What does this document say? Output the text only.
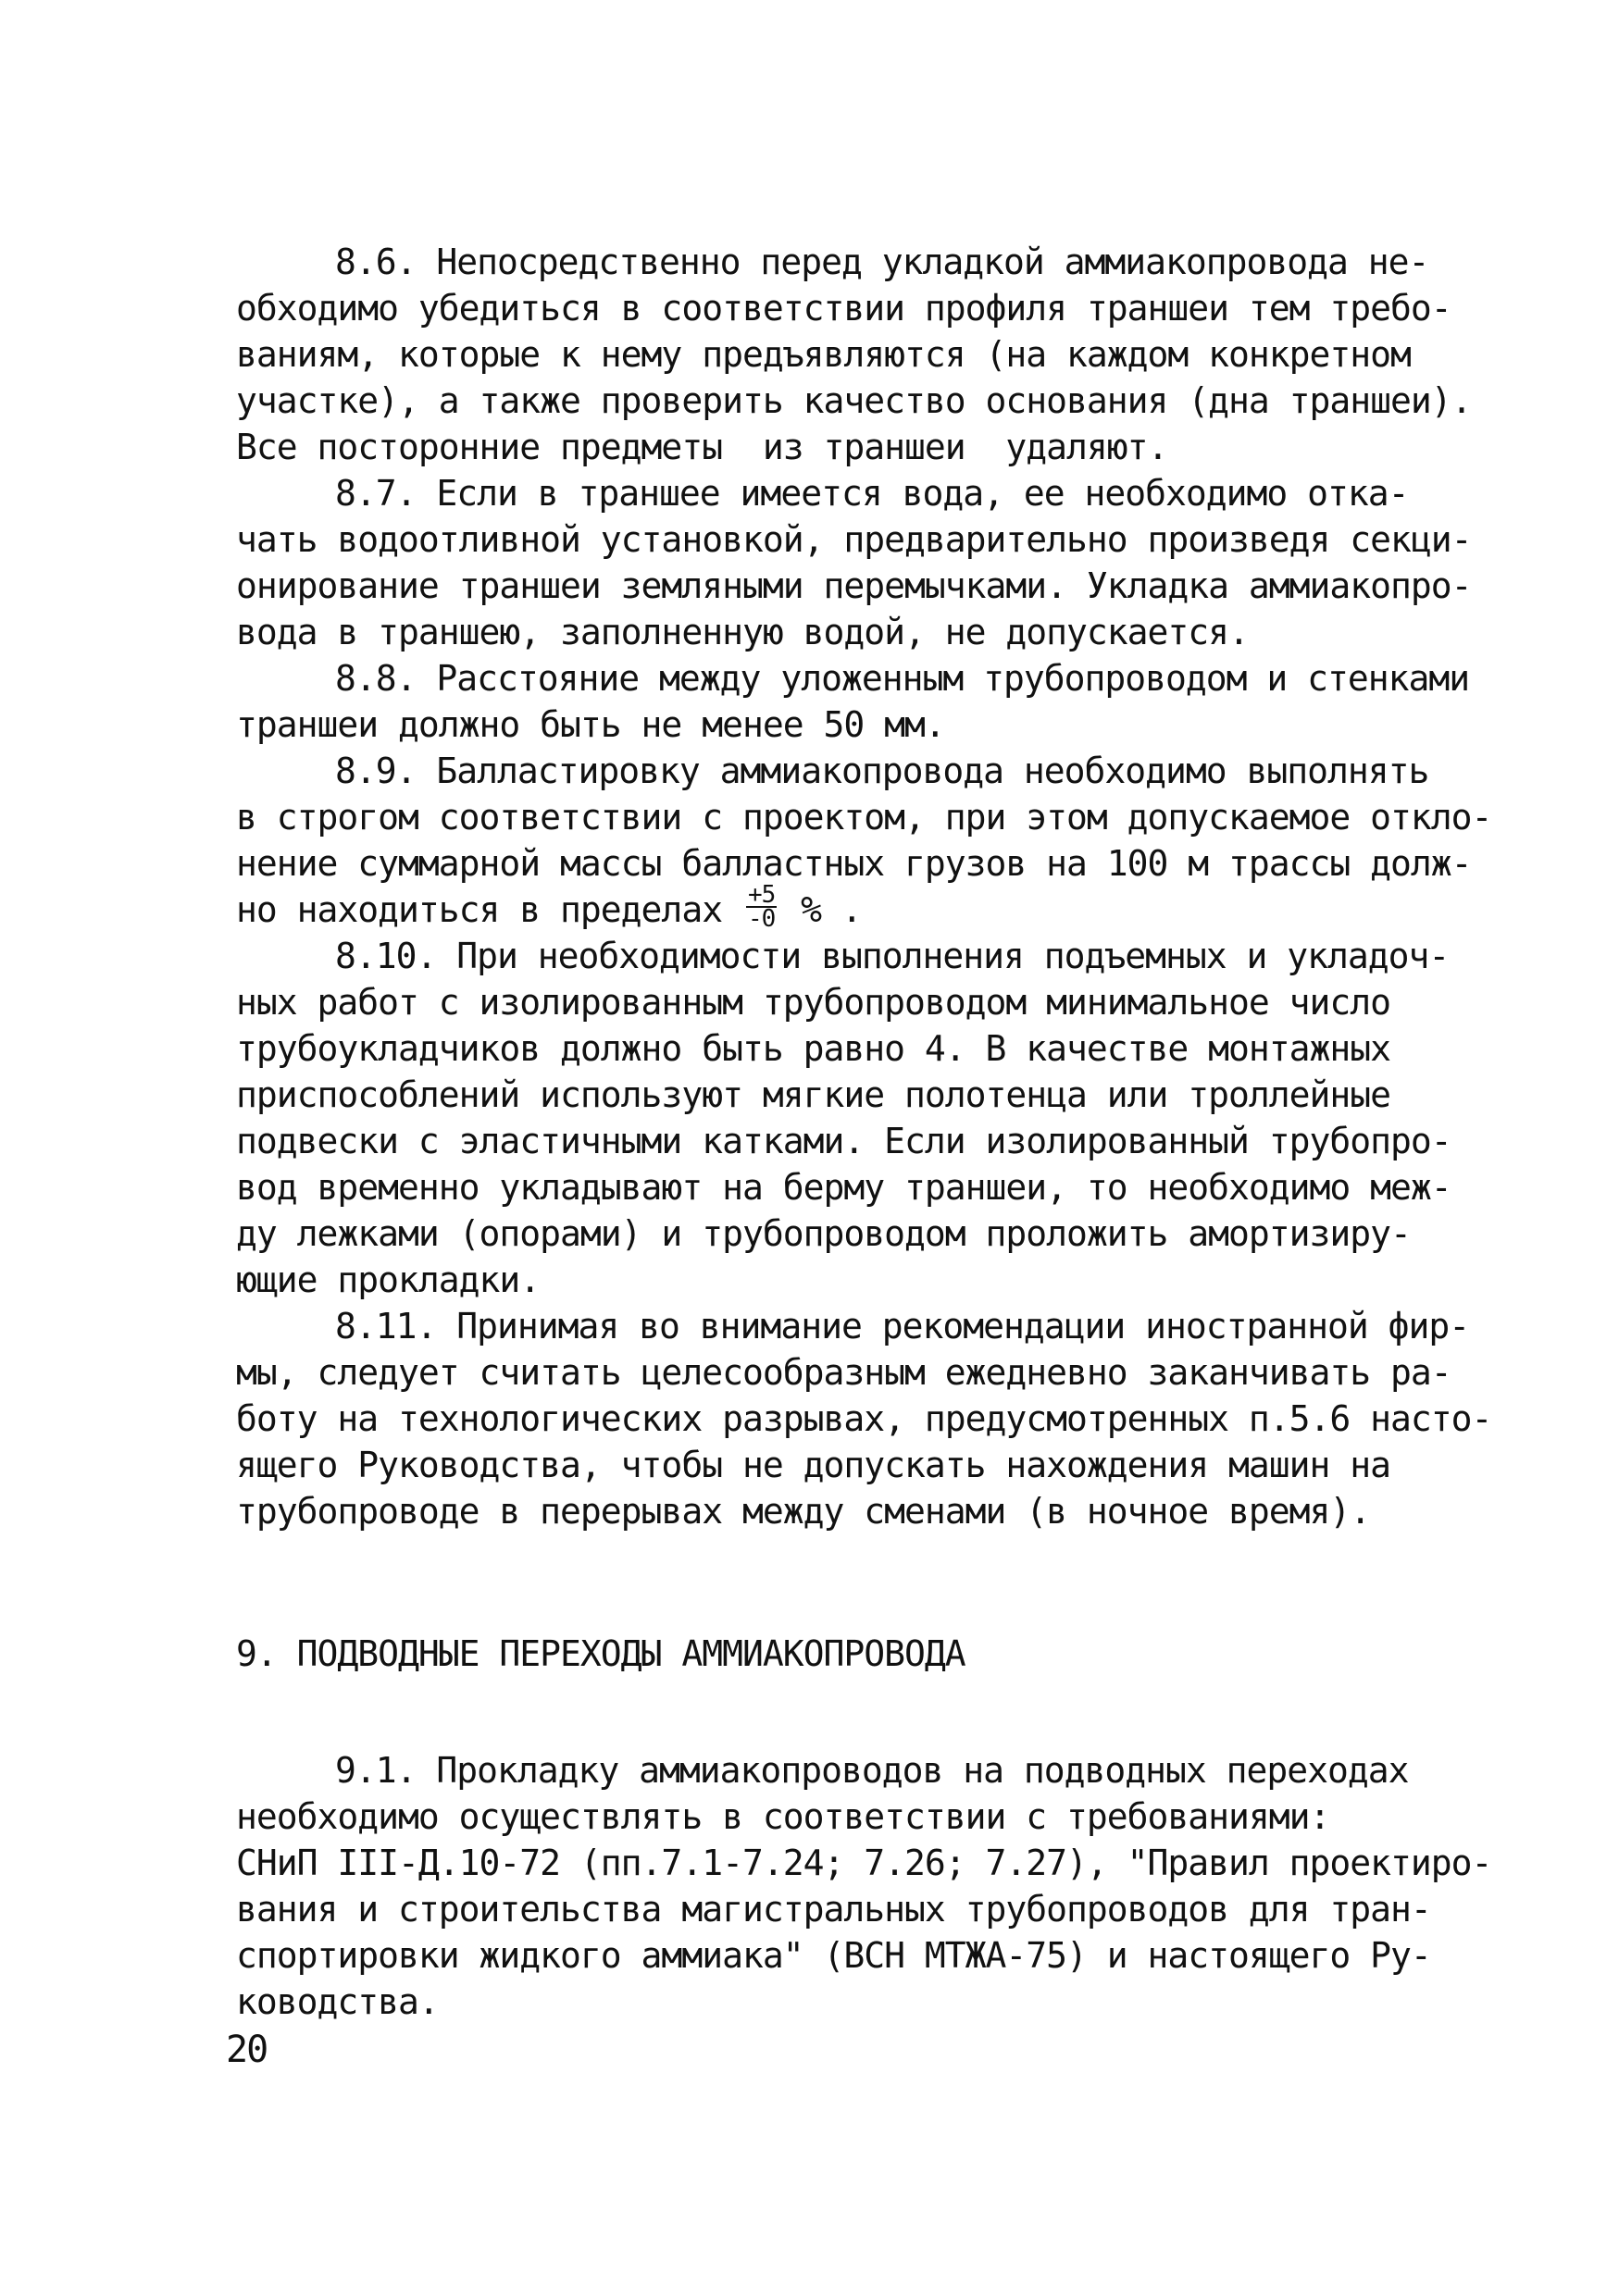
8.6. Непосредственно перед укладкой аммиакопровода не-
обходимо убедиться в соответствии профиля траншеи тем требо-
ваниям, которые к нему предъявляются (на каждом конкретном
участке), а также проверить качество основания (дна траншеи).
Все посторонние предметы  из траншеи  удаляют.
8.7. Если в траншее имеется вода, ее необходимо отка-
чать водоотливной установкой, предварительно произведя секци-
онирование траншеи земляными перемычками. Укладка аммиакопро-
вода в траншею, заполненную водой, не допускается.
8.8. Расстояние между уложенным трубопроводом и стенками
траншеи должно быть не менее 50 мм.
8.9. Балластировку аммиакопровода необходимо выполнять
в строгом соответствии с проектом, при этом допускаемое откло-
нение суммарной массы балластных грузов на 100 м трассы долж-
но находиться в пределах $\frac{+5}{-0}$ % .
8.10. При необходимости выполнения подъемных и укладоч-
ных работ с изолированным трубопроводом минимальное число
трубоукладчиков должно быть равно 4. В качестве монтажных
приспособлений используют мягкие полотенца или троллейные
подвески с эластичными катками. Если изолированный трубопро-
вод временно укладывают на берму траншеи, то необходимо меж-
ду лежками (опорами) и трубопроводом проложить амортизиру-
ющие прокладки.
8.11. Принимая во внимание рекомендации иностранной фир-
мы, следует считать целесообразным ежедневно заканчивать ра-
боту на технологических разрывах, предусмотренных п.5.6 насто-
ящего Руководства, чтобы не допускать нахождения машин на
трубопроводе в перерывах между сменами (в ночное время).
9. ПОДВОДНЫЕ ПЕРЕХОДЫ АММИАКОПРОВОДА
9.1. Прокладку аммиакопроводов на подводных переходах
необходимо осуществлять в соответствии с требованиями:
СНиП III-Д.10-72 (пп.7.1-7.24; 7.26; 7.27), "Правил проектиро-
вания и строительства магистральных трубопроводов для тран-
спортировки жидкого аммиака" (ВСН МТЖА-75) и настоящего Ру-
ководства.
20
